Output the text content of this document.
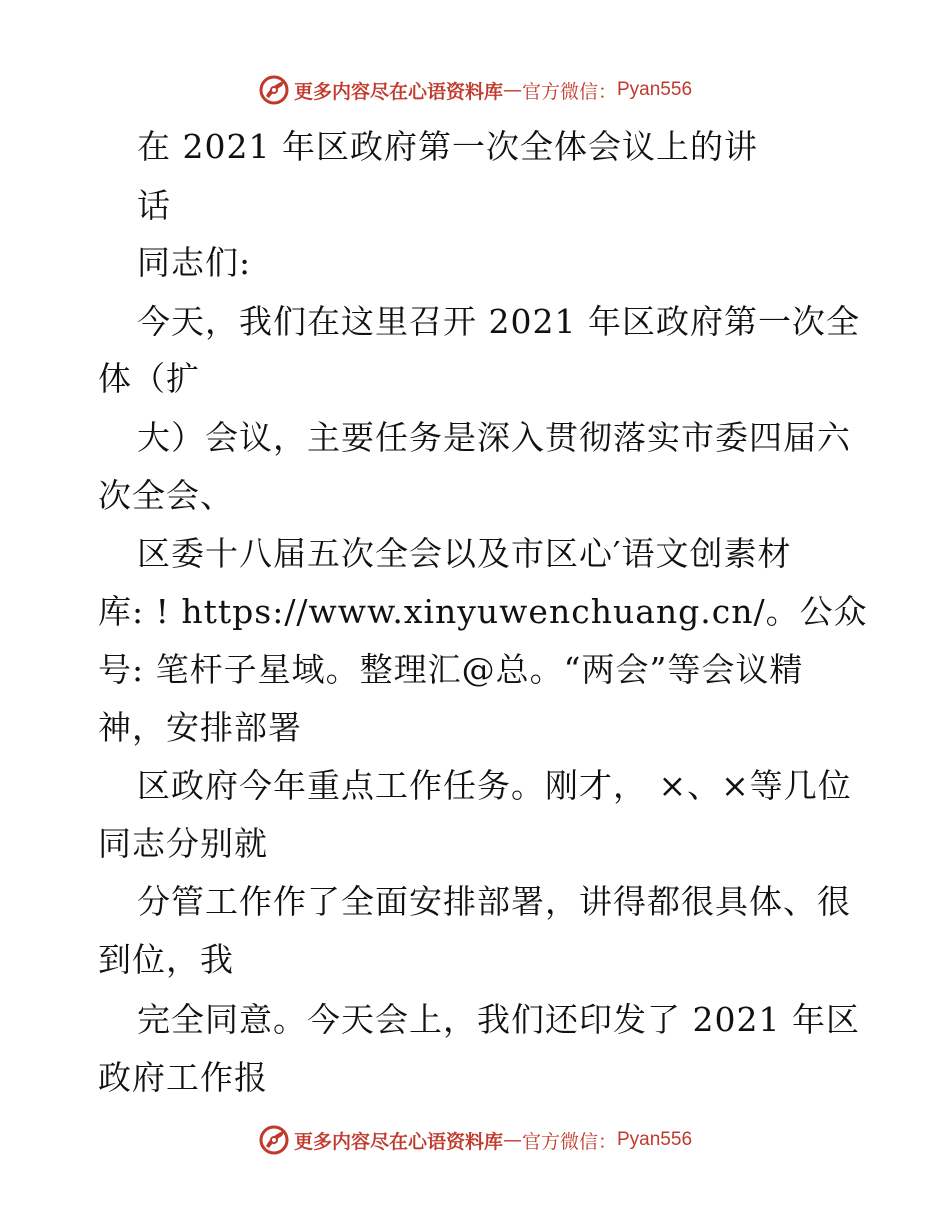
更多内容尽在心语资料库 — 官方微信： Pyan556
在 2021 年区政府第一次全体会议上的讲
话
同志们:
今天，我们在这里召开 2021 年区政府第一次全
体（扩
大）会议，主要任务是深入贯彻落实市委四届六
次全会、
区委十八届五次全会以及市区心′语文创素材
库: ! https://www.xinyuwenchuang.cn/。公众
号: 笔杆子星域。整理汇@总。“两会”等会议精
神，安排部署
区政府今年重点工作任务。刚才， ×、×等几位
同志分别就
分管工作作了全面安排部署，讲得都很具体、很
到位，我
完全同意。今天会上，我们还印发了 2021 年区
政府工作报
更多内容尽在心语资料库 — 官方微信： Pyan556
